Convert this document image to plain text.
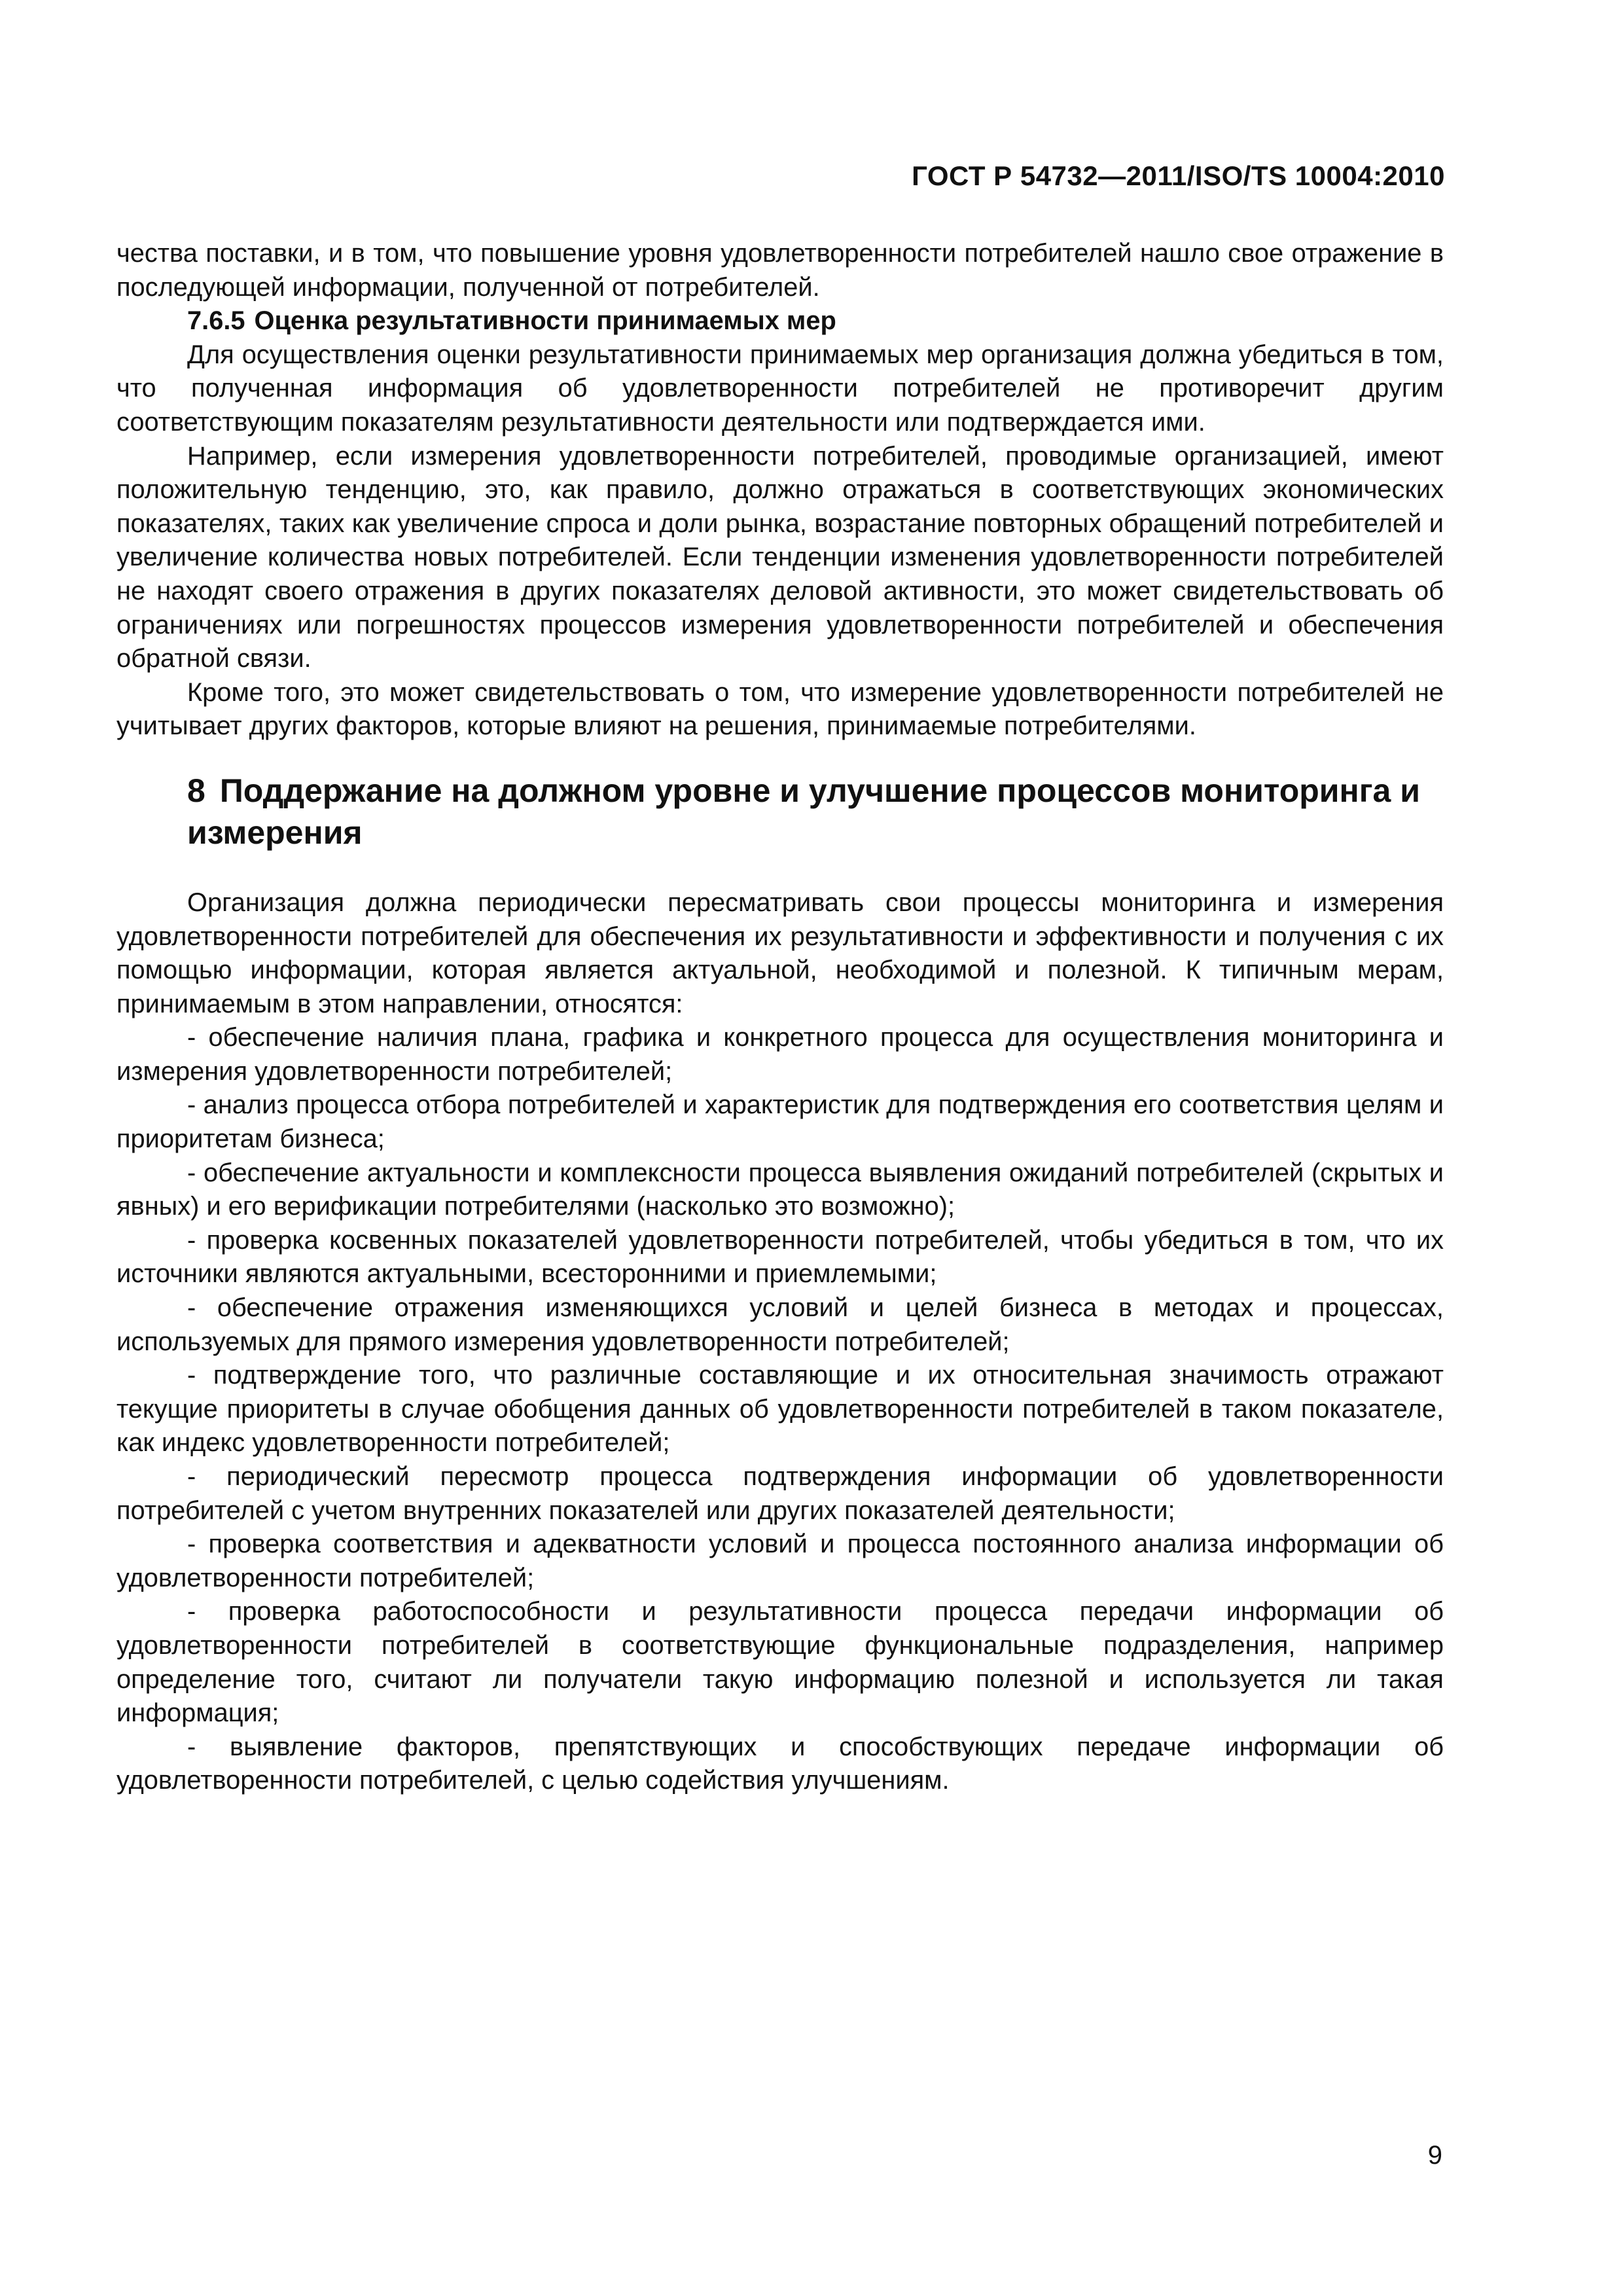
ГОСТ Р 54732—2011/ISO/TS 10004:2010

чества поставки, и в том, что повышение уровня удовлетворенности потребителей нашло свое отражение в последующей информации, полученной от потребителей.

7.6.5 Оценка результативности принимаемых мер

Для осуществления оценки результативности принимаемых мер организация должна убедиться в том, что полученная информация об удовлетворенности потребителей не противоречит другим соответствующим показателям результативности деятельности или подтверждается ими.

Например, если измерения удовлетворенности потребителей, проводимые организацией, имеют положительную тенденцию, это, как правило, должно отражаться в соответствующих экономических показателях, таких как увеличение спроса и доли рынка, возрастание повторных обращений потребителей и увеличение количества новых потребителей. Если тенденции изменения удовлетворенности потребителей не находят своего отражения в других показателях деловой активности, это может свидетельствовать об ограничениях или погрешностях процессов измерения удовлетворенности потребителей и обеспечения обратной связи.

Кроме того, это может свидетельствовать о том, что измерение удовлетворенности потребителей не учитывает других факторов, которые влияют на решения, принимаемые потребителями.

8 Поддержание на должном уровне и улучшение процессов мониторинга и измерения

Организация должна периодически пересматривать свои процессы мониторинга и измерения удовлетворенности потребителей для обеспечения их результативности и эффективности и получения с их помощью информации, которая является актуальной, необходимой и полезной. К типичным мерам, принимаемым в этом направлении, относятся:

- обеспечение наличия плана, графика и конкретного процесса для осуществления мониторинга и измерения удовлетворенности потребителей;

- анализ процесса отбора потребителей и характеристик для подтверждения его соответствия целям и приоритетам бизнеса;

- обеспечение актуальности и комплексности процесса выявления ожиданий потребителей (скрытых и явных) и его верификации потребителями (насколько это возможно);

- проверка косвенных показателей удовлетворенности потребителей, чтобы убедиться в том, что их источники являются актуальными, всесторонними и приемлемыми;

- обеспечение отражения изменяющихся условий и целей бизнеса в методах и процессах, используемых для прямого измерения удовлетворенности потребителей;

- подтверждение того, что различные составляющие и их относительная значимость отражают текущие приоритеты в случае обобщения данных об удовлетворенности потребителей в таком показателе, как индекс удовлетворенности потребителей;

- периодический пересмотр процесса подтверждения информации об удовлетворенности потребителей с учетом внутренних показателей или других показателей деятельности;

- проверка соответствия и адекватности условий и процесса постоянного анализа информации об удовлетворенности потребителей;

- проверка работоспособности и результативности процесса передачи информации об удовлетворенности потребителей в соответствующие функциональные подразделения, например определение того, считают ли получатели такую информацию полезной и используется ли такая информация;

- выявление факторов, препятствующих и способствующих передаче информации об удовлетворенности потребителей, с целью содействия улучшениям.

9
